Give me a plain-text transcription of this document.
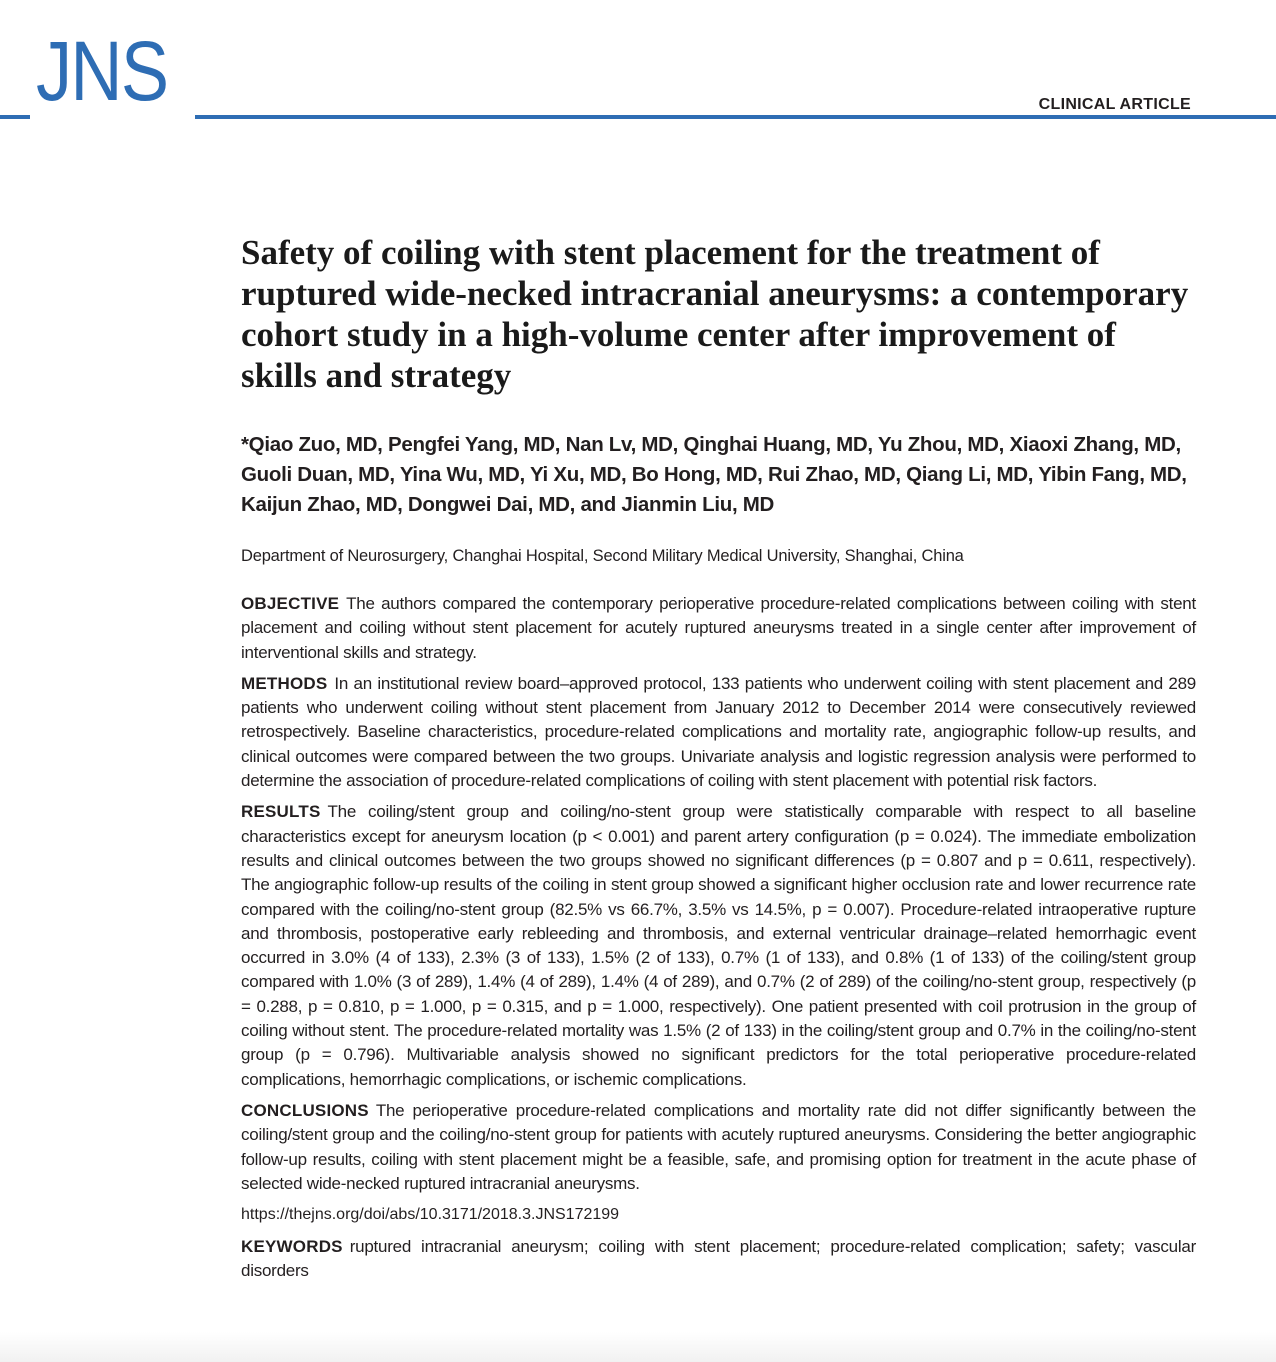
JNS	CLINICAL ARTICLE
Safety of coiling with stent placement for the treatment of ruptured wide-necked intracranial aneurysms: a contemporary cohort study in a high-volume center after improvement of skills and strategy
*Qiao Zuo, MD, Pengfei Yang, MD, Nan Lv, MD, Qinghai Huang, MD, Yu Zhou, MD, Xiaoxi Zhang, MD, Guoli Duan, MD, Yina Wu, MD, Yi Xu, MD, Bo Hong, MD, Rui Zhao, MD, Qiang Li, MD, Yibin Fang, MD, Kaijun Zhao, MD, Dongwei Dai, MD, and Jianmin Liu, MD
Department of Neurosurgery, Changhai Hospital, Second Military Medical University, Shanghai, China

OBJECTIVE The authors compared the contemporary perioperative procedure-related complications between coiling with stent placement and coiling without stent placement for acutely ruptured aneurysms treated in a single center after improvement of interventional skills and strategy.

METHODS In an institutional review board–approved protocol, 133 patients who underwent coiling with stent placement and 289 patients who underwent coiling without stent placement from January 2012 to December 2014 were consecutively reviewed retrospectively. Baseline characteristics, procedure-related complications and mortality rate, angiographic follow-up results, and clinical outcomes were compared between the two groups. Univariate analysis and logistic regression analysis were performed to determine the association of procedure-related complications of coiling with stent placement with potential risk factors.

RESULTS The coiling/stent group and coiling/no-stent group were statistically comparable with respect to all baseline characteristics except for aneurysm location (p < 0.001) and parent artery configuration (p = 0.024). The immediate embolization results and clinical outcomes between the two groups showed no significant differences (p = 0.807 and p = 0.611, respectively). The angiographic follow-up results of the coiling in stent group showed a significant higher occlusion rate and lower recurrence rate compared with the coiling/no-stent group (82.5% vs 66.7%, 3.5% vs 14.5%, p = 0.007). Procedure-related intraoperative rupture and thrombosis, postoperative early rebleeding and thrombosis, and external ventricular drainage–related hemorrhagic event occurred in 3.0% (4 of 133), 2.3% (3 of 133), 1.5% (2 of 133), 0.7% (1 of 133), and 0.8% (1 of 133) of the coiling/stent group compared with 1.0% (3 of 289), 1.4% (4 of 289), 1.4% (4 of 289), and 0.7% (2 of 289) of the coiling/no-stent group, respectively (p = 0.288, p = 0.810, p = 1.000, p = 0.315, and p = 1.000, respectively). One patient presented with coil protrusion in the group of coiling without stent. The procedure-related mortality was 1.5% (2 of 133) in the coiling/stent group and 0.7% in the coiling/no-stent group (p = 0.796). Multivariable analysis showed no significant predictors for the total perioperative procedure-related complications, hemorrhagic complications, or ischemic complications.

CONCLUSIONS The perioperative procedure-related complications and mortality rate did not differ significantly between the coiling/stent group and the coiling/no-stent group for patients with acutely ruptured aneurysms. Considering the better angiographic follow-up results, coiling with stent placement might be a feasible, safe, and promising option for treatment in the acute phase of selected wide-necked ruptured intracranial aneurysms.

https://thejns.org/doi/abs/10.3171/2018.3.JNS172199

KEYWORDS ruptured intracranial aneurysm; coiling with stent placement; procedure-related complication; safety; vascular disorders
